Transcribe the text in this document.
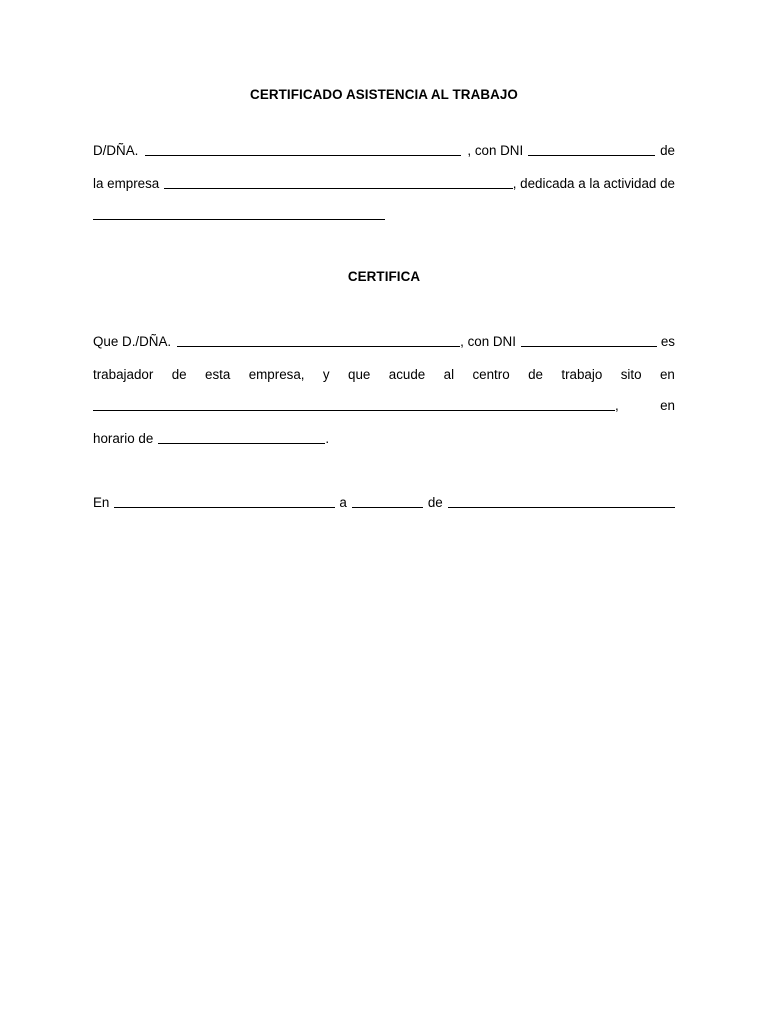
CERTIFICADO ASISTENCIA AL TRABAJO
D/DÑA.	, con DNI	de
la empresa	, dedicada a la actividad de
CERTIFICA
Que D./DÑA.	, con DNI	es
trabajador de esta empresa, y que acude al centro de trabajo sito en
,	en
horario de	.
En	a	de
